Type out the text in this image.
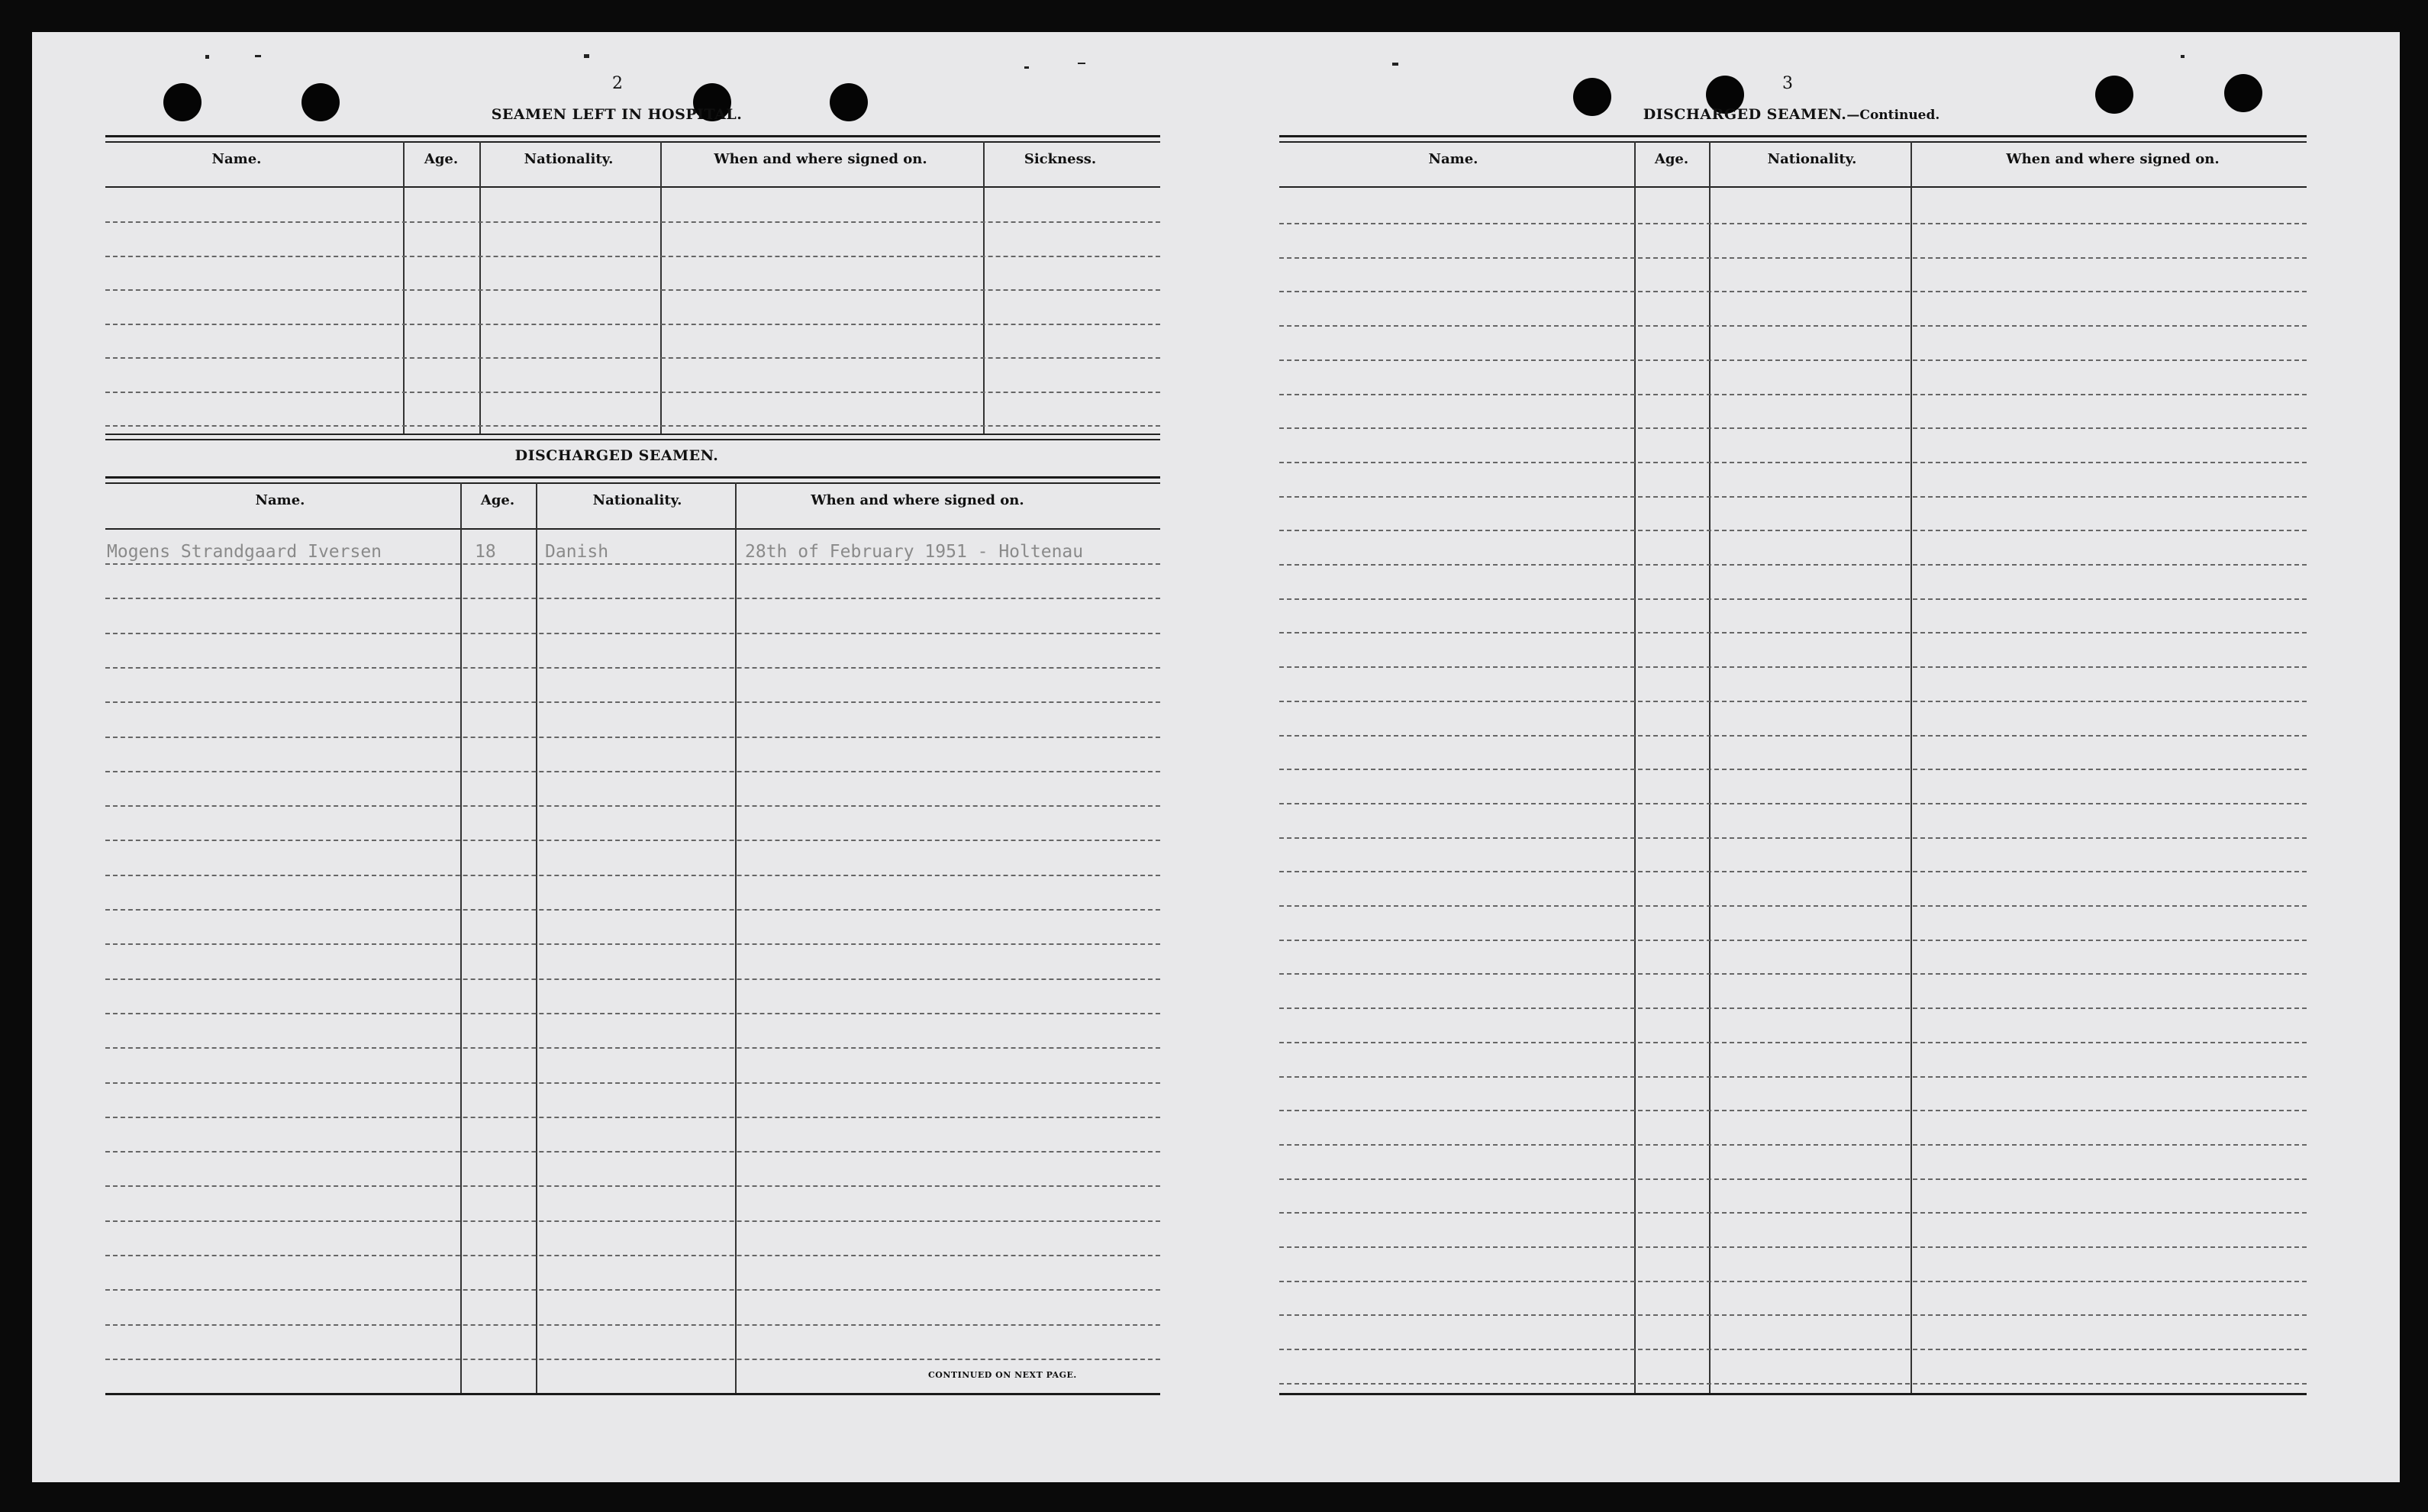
2
SEAMEN LEFT IN HOSPITAL.
Name.	Age.	Nationality.	When and where signed on.	Sickness.
DISCHARGED SEAMEN.
Name.	Age.	Nationality.	When and where signed on.
Mogens Strandgaard Iversen	18	Danish	28th of February 1951 - Holtenau
CONTINUED ON NEXT PAGE.
3
DISCHARGED SEAMEN.—Continued.
Name.	Age.	Nationality.	When and where signed on.
